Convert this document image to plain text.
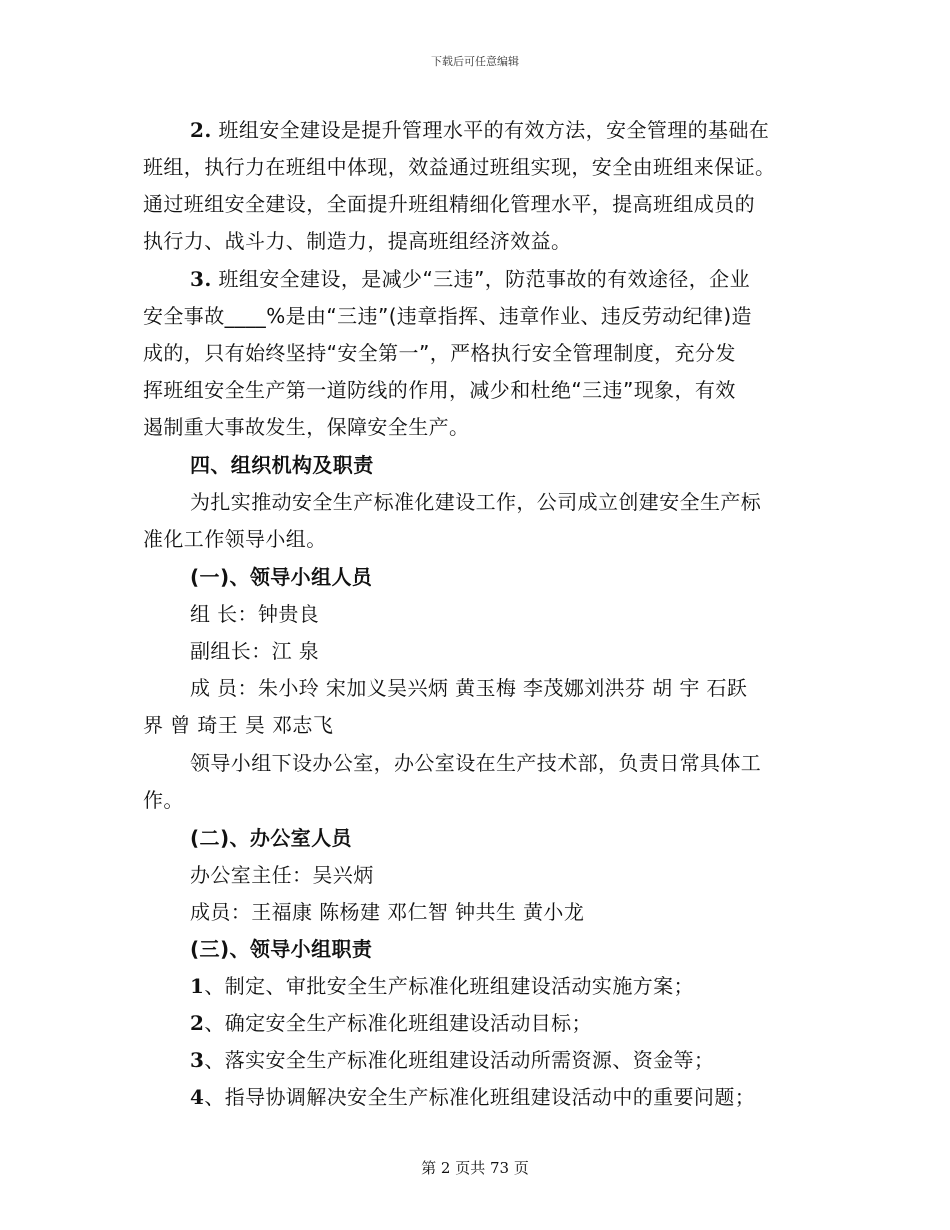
下载后可任意编辑
2. 班组安全建设是提升管理水平的有效方法，安全管理的基础在
班组，执行力在班组中体现，效益通过班组实现，安全由班组来保证。
通过班组安全建设，全面提升班组精细化管理水平，提高班组成员的
执行力、战斗力、制造力，提高班组经济效益。
3. 班组安全建设，是减少“三违”，防范事故的有效途径，企业
安全事故____%是由“三违”(违章指挥、违章作业、违反劳动纪律)造
成的，只有始终坚持“安全第一”，严格执行安全管理制度，充分发
挥班组安全生产第一道防线的作用，减少和杜绝“三违”现象，有效
遏制重大事故发生，保障安全生产。
四、组织机构及职责
为扎实推动安全生产标准化建设工作，公司成立创建安全生产标
准化工作领导小组。
(一)、领导小组人员
组 长：钟贵良
副组长：江 泉
成 员：朱小玲 宋加义吴兴炳 黄玉梅 李茂娜刘洪芬 胡 宇 石跃
界 曾 琦王 昊 邓志飞
领导小组下设办公室，办公室设在生产技术部，负责日常具体工
作。
(二)、办公室人员
办公室主任：吴兴炳
成员：王福康 陈杨建 邓仁智 钟共生 黄小龙
(三)、领导小组职责
1、制定、审批安全生产标准化班组建设活动实施方案；
2、确定安全生产标准化班组建设活动目标；
3、落实安全生产标准化班组建设活动所需资源、资金等；
4、指导协调解决安全生产标准化班组建设活动中的重要问题；
第 2 页共 73 页
